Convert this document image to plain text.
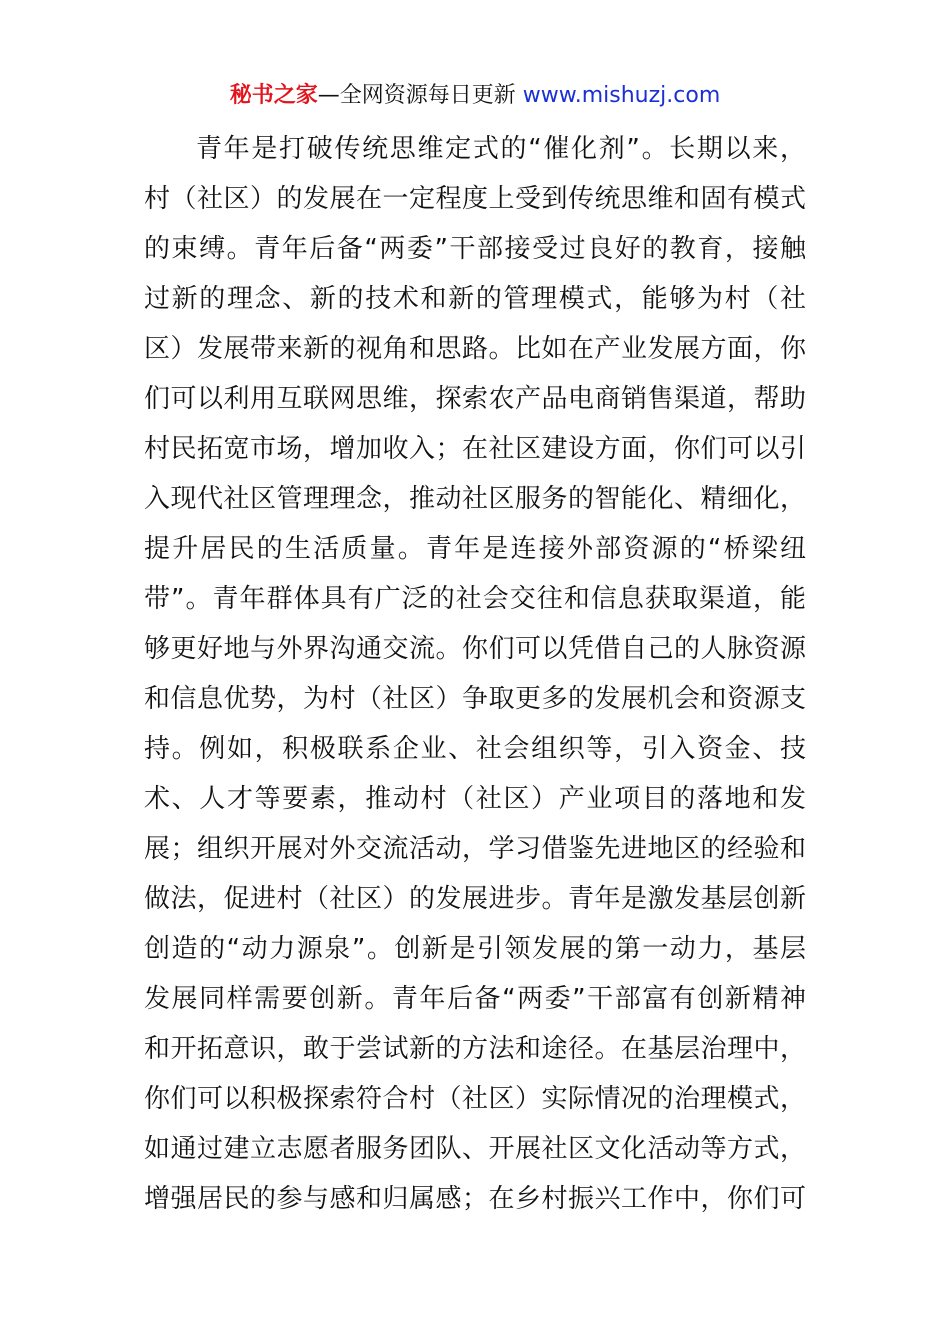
秘书之家—全网资源每日更新 www.mishuzj.com
青年是打破传统思维定式的“催化剂”。长期以来，
村（社区）的发展在一定程度上受到传统思维和固有模式
的束缚。青年后备“两委”干部接受过良好的教育，接触
过新的理念、新的技术和新的管理模式，能够为村（社
区）发展带来新的视角和思路。比如在产业发展方面，你
们可以利用互联网思维，探索农产品电商销售渠道，帮助
村民拓宽市场，增加收入；在社区建设方面，你们可以引
入现代社区管理理念，推动社区服务的智能化、精细化，
提升居民的生活质量。青年是连接外部资源的“桥梁纽
带”。青年群体具有广泛的社会交往和信息获取渠道，能
够更好地与外界沟通交流。你们可以凭借自己的人脉资源
和信息优势，为村（社区）争取更多的发展机会和资源支
持。例如，积极联系企业、社会组织等，引入资金、技
术、人才等要素，推动村（社区）产业项目的落地和发
展；组织开展对外交流活动，学习借鉴先进地区的经验和
做法，促进村（社区）的发展进步。青年是激发基层创新
创造的“动力源泉”。创新是引领发展的第一动力，基层
发展同样需要创新。青年后备“两委”干部富有创新精神
和开拓意识，敢于尝试新的方法和途径。在基层治理中，
你们可以积极探索符合村（社区）实际情况的治理模式，
如通过建立志愿者服务团队、开展社区文化活动等方式，
增强居民的参与感和归属感；在乡村振兴工作中，你们可
